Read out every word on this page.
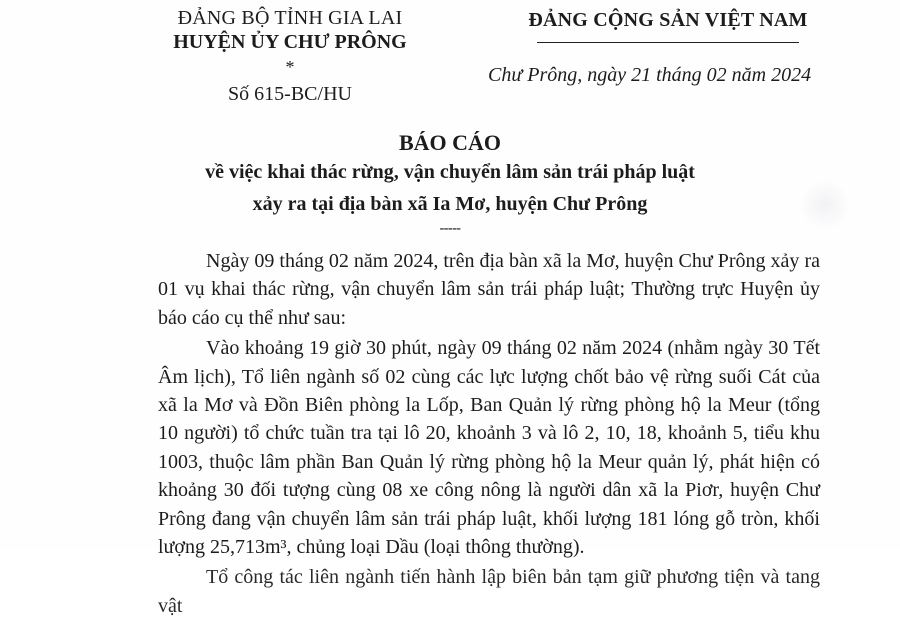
ĐẢNG BỘ TỈNH GIA LAI
HUYỆN ỦY CHƯ PRÔNG
*
Số 615-BC/HU
ĐẢNG CỘNG SẢN VIỆT NAM
Chư Prông, ngày 21 tháng 02 năm 2024
BÁO CÁO
về việc khai thác rừng, vận chuyển lâm sản trái pháp luật
xảy ra tại địa bàn xã Ia Mơ, huyện Chư Prông
-----

Ngày 09 tháng 02 năm 2024, trên địa bàn xã la Mơ, huyện Chư Prông xảy ra 01 vụ khai thác rừng, vận chuyển lâm sản trái pháp luật; Thường trực Huyện ủy báo cáo cụ thể như sau:

Vào khoảng 19 giờ 30 phút, ngày 09 tháng 02 năm 2024 (nhằm ngày 30 Tết Âm lịch), Tổ liên ngành số 02 cùng các lực lượng chốt bảo vệ rừng suối Cát của xã la Mơ và Đồn Biên phòng la Lốp, Ban Quản lý rừng phòng hộ la Meur (tổng 10 người) tổ chức tuần tra tại lô 20, khoảnh 3 và lô 2, 10, 18, khoảnh 5, tiểu khu 1003, thuộc lâm phần Ban Quản lý rừng phòng hộ la Meur quản lý, phát hiện có khoảng 30 đối tượng cùng 08 xe công nông là người dân xã la Piơr, huyện Chư Prông đang vận chuyển lâm sản trái pháp luật, khối lượng 181 lóng gỗ tròn, khối lượng 25,713m³, chủng loại Dầu (loại thông thường).

Tổ công tác liên ngành tiến hành lập biên bản tạm giữ phương tiện và tang vật
